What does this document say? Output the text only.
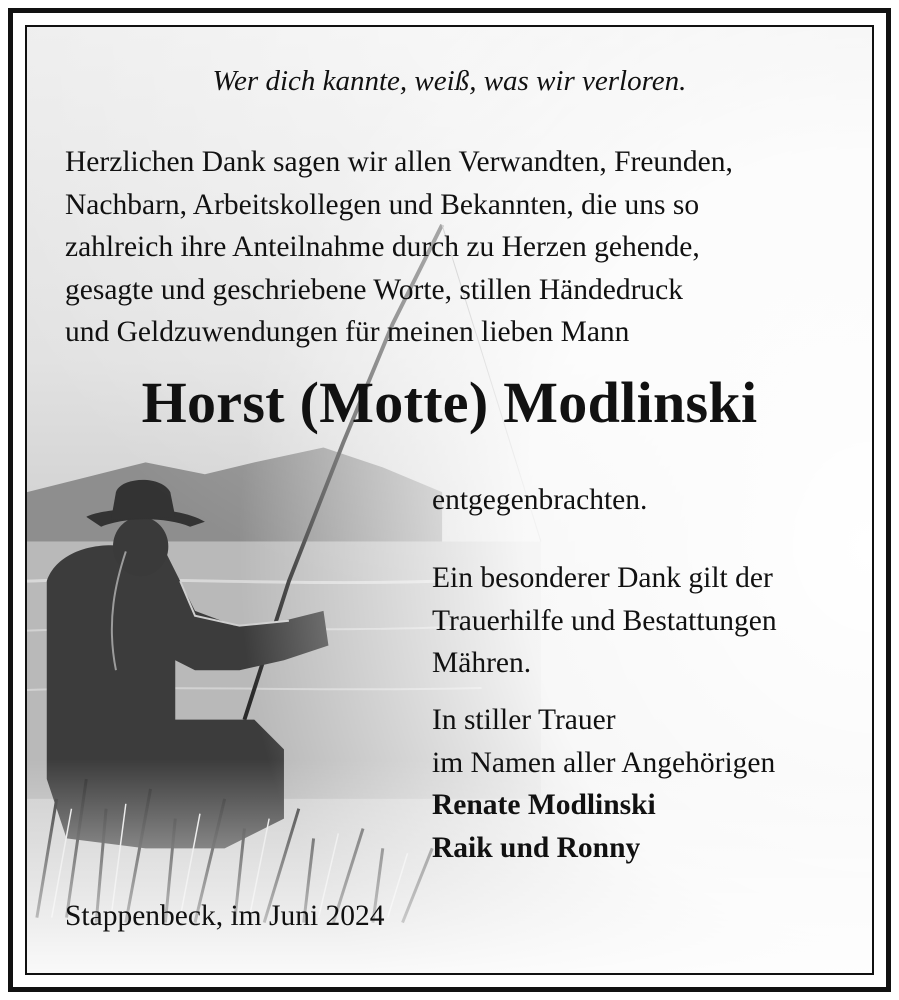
Wer dich kannte, weiß, was wir verloren.
Herzlichen Dank sagen wir allen Verwandten, Freunden,
Nachbarn, Arbeitskollegen und Bekannten, die uns so
zahlreich ihre Anteilnahme durch zu Herzen gehende,
gesagte und geschriebene Worte, stillen Händedruck
und Geldzuwendungen für meinen lieben Mann
Horst (Motte) Modlinski
entgegenbrachten.
Ein besonderer Dank gilt der
Trauerhilfe und Bestattungen
Mähren.
In stiller Trauer
im Namen aller Angehörigen
Renate Modlinski
Raik und Ronny
Stappenbeck, im Juni 2024
